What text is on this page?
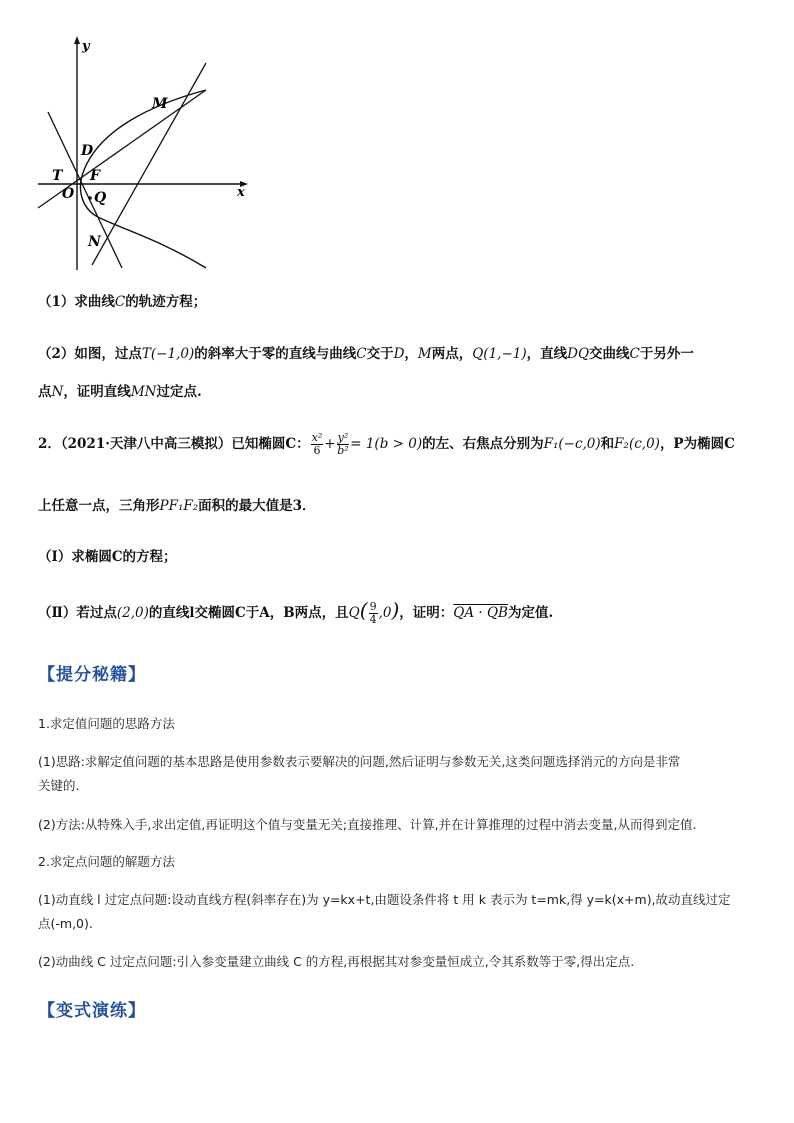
y
x
M
D
T F
O Q
N
（1）求曲线C的轨迹方程；
（2）如图，过点T(−1,0)的斜率大于零的直线与曲线C交于D，M两点，Q(1,−1)，直线DQ交曲线C于另外一
点N，证明直线MN过定点.
2．（2021·天津八中高三模拟）已知椭圆C： $\frac{\text{x²}}{6} + \frac{\text{y²}}{\text{b²}} = 1(b > 0)$的左、右焦点分别为F₁(−c,0)和F₂(c,0)，P为椭圆C
上任意一点，三角形PF₁F₂面积的最大值是3．
（Ⅰ）求椭圆C的方程；
（Ⅱ）若过点(2,0)的直线l交椭圆C于A，B两点，且$Q( \frac{9}{4} ,0)$，证明：QA · QB为定值.
【提分秘籍】
1.求定值问题的思路方法
(1)思路:求解定值问题的基本思路是使用参数表示要解决的问题,然后证明与参数无关,这类问题选择消元的方向是非常
关键的.
(2)方法:从特殊入手,求出定值,再证明这个值与变量无关;直接推理、计算,并在计算推理的过程中消去变量,从而得到定值.
2.求定点问题的解题方法
(1)动直线 l 过定点问题:设动直线方程(斜率存在)为 y=kx+t,由题设条件将 t 用 k 表示为 t=mk,得 y=k(x+m),故动直线过定
点(-m,0).
(2)动曲线 C 过定点问题:引入参变量建立曲线 C 的方程,再根据其对参变量恒成立,令其系数等于零,得出定点.
【变式演练】
